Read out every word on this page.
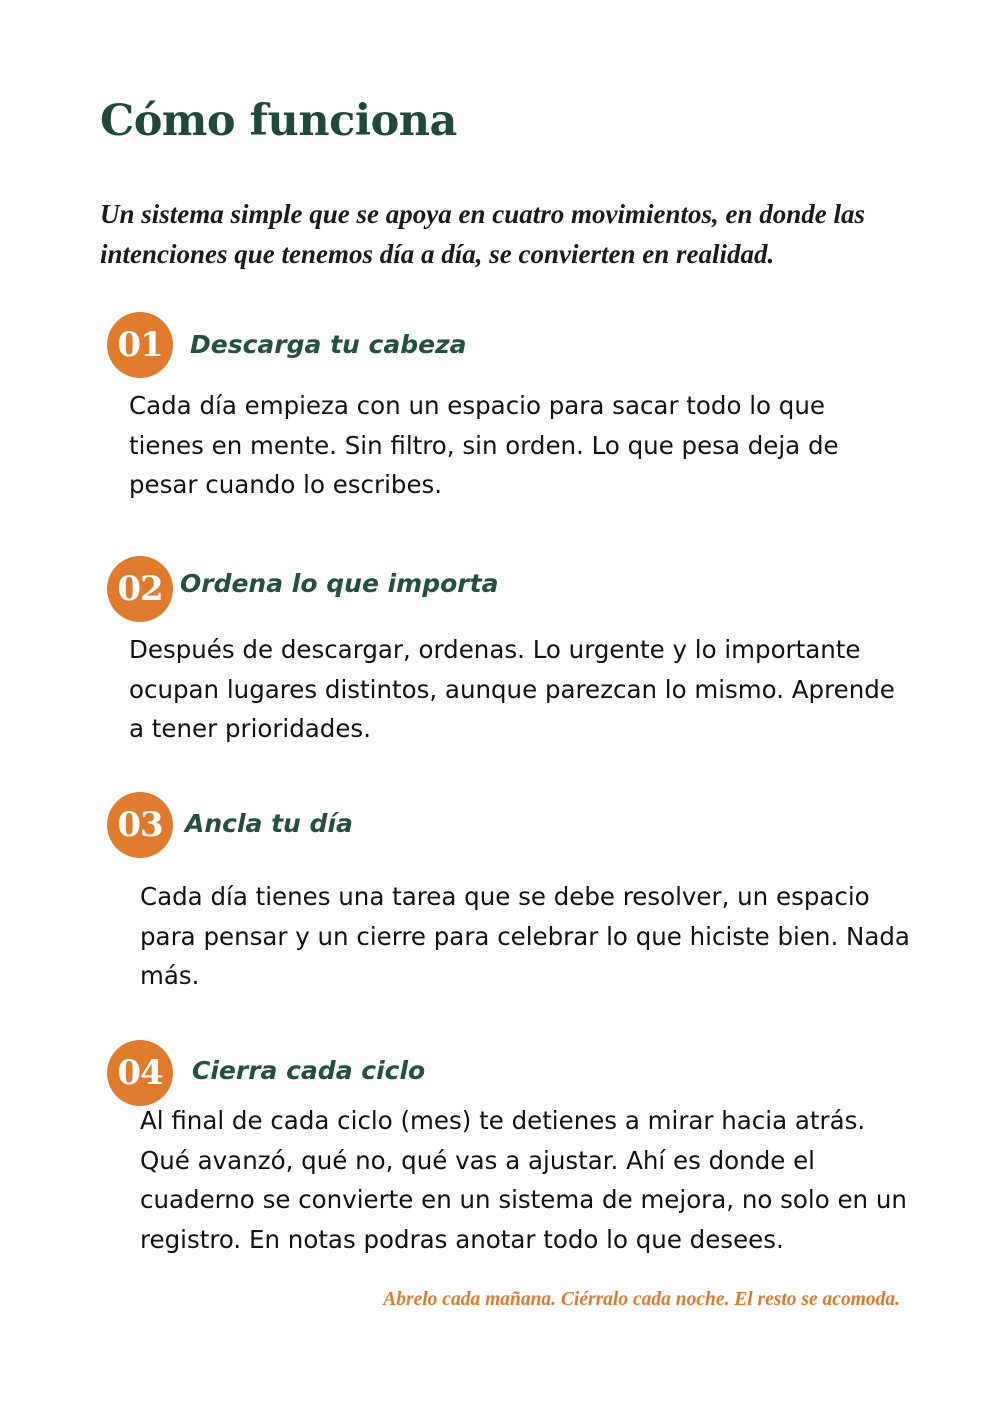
Cómo funciona

Un sistema simple que se apoya en cuatro movimientos, en donde las intenciones que tenemos día a día, se convierten en realidad.

01	Descarga tu cabeza

Cada día empieza con un espacio para sacar todo lo que tienes en mente. Sin filtro, sin orden. Lo que pesa deja de pesar cuando lo escribes.

02 Ordena lo que importa

Después de descargar, ordenas. Lo urgente y lo importante ocupan lugares distintos, aunque parezcan lo mismo. Aprende a tener prioridades.

03 Ancla tu día

Cada día tienes una tarea que se debe resolver, un espacio para pensar y un cierre para celebrar lo que hiciste bien. Nada más.

04	Cierra cada ciclo

Al final de cada ciclo (mes) te detienes a mirar hacia atrás. Qué avanzó, qué no, qué vas a ajustar. Ahí es donde el cuaderno se convierte en un sistema de mejora, no solo en un registro. En notas podras anotar todo lo que desees.

Abrelo cada mañana. Ciérralo cada noche. El resto se acomoda.
